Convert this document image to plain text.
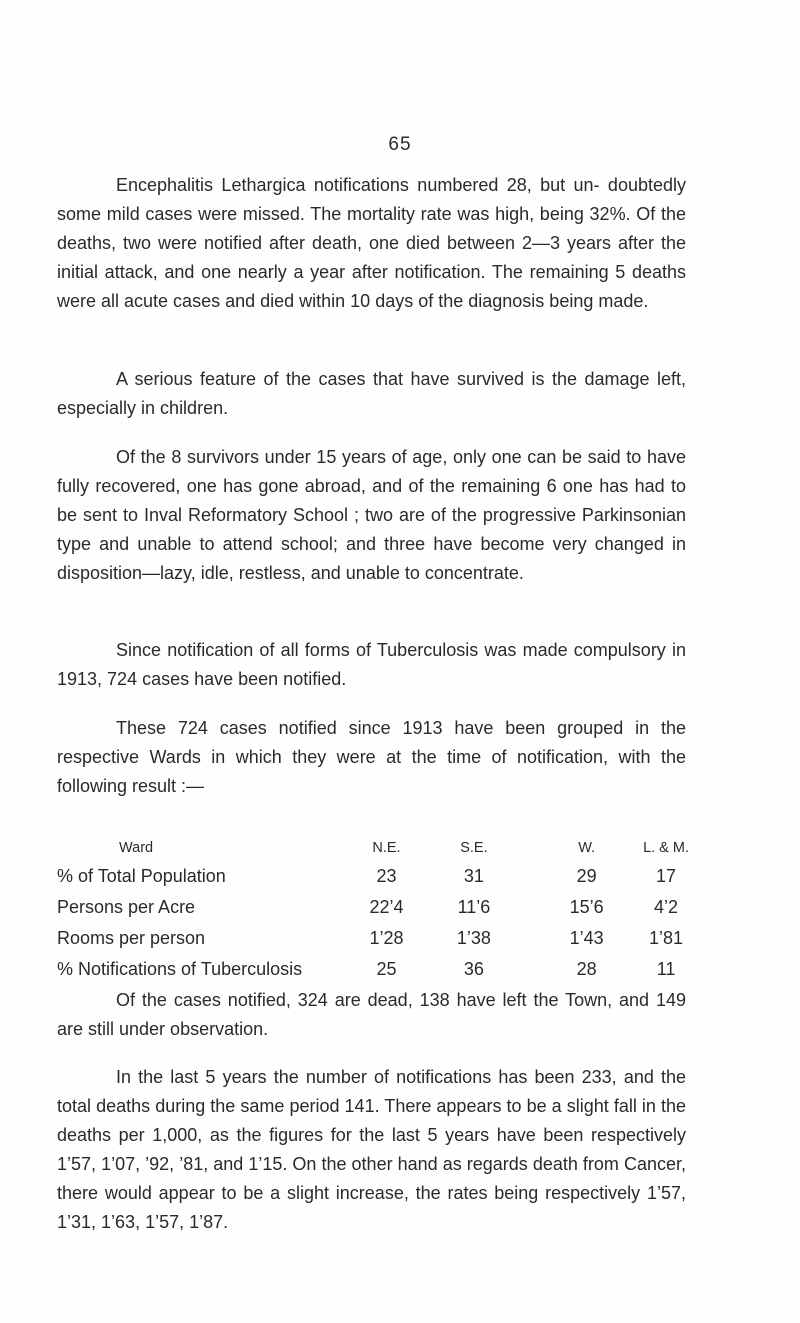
65

Encephalitis Lethargica notifications numbered 28, but un- doubtedly some mild cases were missed. The mortality rate was high, being 32%. Of the deaths, two were notified after death, one died between 2—3 years after the initial attack, and one nearly a year after notification. The remaining 5 deaths were all acute cases and died within 10 days of the diagnosis being made.

A serious feature of the cases that have survived is the damage left, especially in children.

Of the 8 survivors under 15 years of age, only one can be said to have fully recovered, one has gone abroad, and of the remaining 6 one has had to be sent to Inval Reformatory School ; two are of the progressive Parkinsonian type and unable to attend school; and three have become very changed in disposition—lazy, idle, restless, and unable to concentrate.

Since notification of all forms of Tuberculosis was made compulsory in 1913, 724 cases have been notified.

These 724 cases notified since 1913 have been grouped in the respective Wards in which they were at the time of notification, with the following result :—

Ward	N.E.	S.E.	W.	L. & M.
% of Total Population	23	31	29	17
Persons per Acre	22’4	11’6	15’6	4’2
Rooms per person	1’28	1’38	1’43	1’81
% Notifications of Tuberculosis	25	36	28	11

Of the cases notified, 324 are dead, 138 have left the Town, and 149 are still under observation.

In the last 5 years the number of notifications has been 233, and the total deaths during the same period 141. There appears to be a slight fall in the deaths per 1,000, as the figures for the last 5 years have been respectively 1’57, 1’07, ’92, ’81, and 1’15. On the other hand as regards death from Cancer, there would appear to be a slight increase, the rates being respectively 1’57, 1’31, 1’63, 1’57, 1’87.
